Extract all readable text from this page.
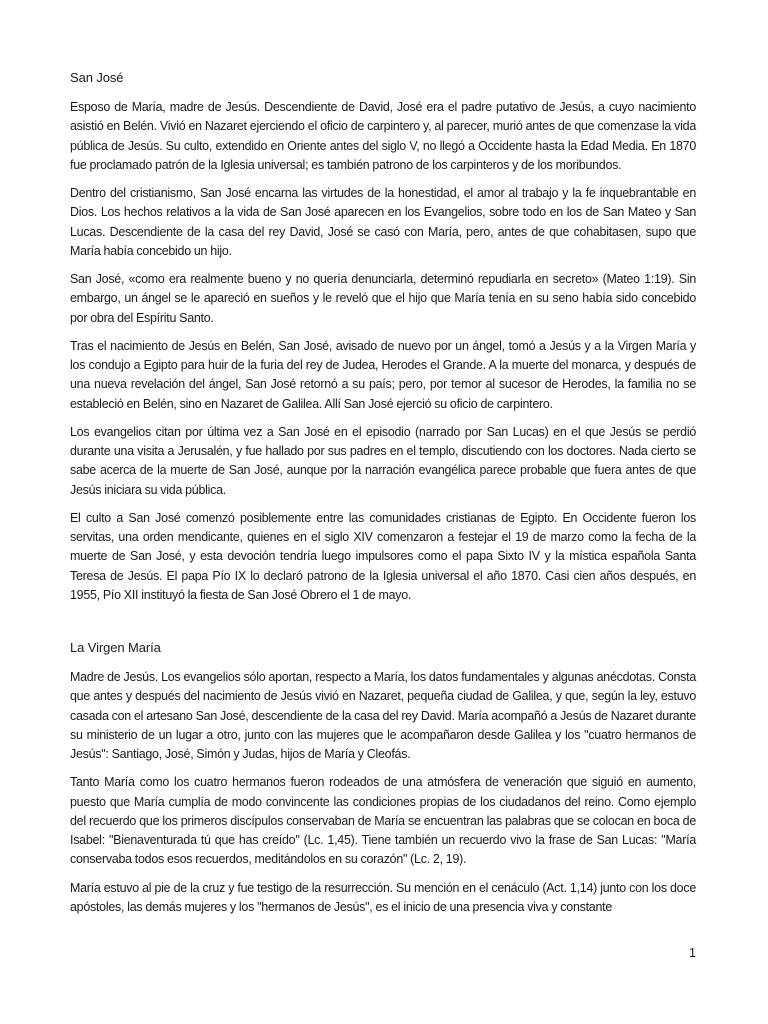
San José

Esposo de María, madre de Jesús. Descendiente de David, José era el padre putativo de Jesús, a cuyo nacimiento asistió en Belén. Vivió en Nazaret ejerciendo el oficio de carpintero y, al parecer, murió antes de que comenzase la vida pública de Jesús. Su culto, extendido en Oriente antes del siglo V, no llegó a Occidente hasta la Edad Media. En 1870 fue proclamado patrón de la Iglesia universal; es también patrono de los carpinteros y de los moribundos.

Dentro del cristianismo, San José encarna las virtudes de la honestidad, el amor al trabajo y la fe inquebrantable en Dios. Los hechos relativos a la vida de San José aparecen en los Evangelios, sobre todo en los de San Mateo y San Lucas. Descendiente de la casa del rey David, José se casó con María, pero, antes de que cohabitasen, supo que María había concebido un hijo.

San José, «como era realmente bueno y no quería denunciarla, determinó repudiarla en secreto» (Mateo 1:19). Sin embargo, un ángel se le apareció en sueños y le reveló que el hijo que María tenía en su seno había sido concebido por obra del Espíritu Santo.

Tras el nacimiento de Jesús en Belén, San José, avisado de nuevo por un ángel, tomó a Jesús y a la Virgen María y los condujo a Egipto para huir de la furia del rey de Judea, Herodes el Grande. A la muerte del monarca, y después de una nueva revelación del ángel, San José retornó a su país; pero, por temor al sucesor de Herodes, la familia no se estableció en Belén, sino en Nazaret de Galilea. Allí San José ejerció su oficio de carpintero.

Los evangelios citan por última vez a San José en el episodio (narrado por San Lucas) en el que Jesús se perdió durante una visita a Jerusalén, y fue hallado por sus padres en el templo, discutiendo con los doctores. Nada cierto se sabe acerca de la muerte de San José, aunque por la narración evangélica parece probable que fuera antes de que Jesús iniciara su vida pública.

El culto a San José comenzó posiblemente entre las comunidades cristianas de Egipto. En Occidente fueron los servitas, una orden mendicante, quienes en el siglo XIV comenzaron a festejar el 19 de marzo como la fecha de la muerte de San José, y esta devoción tendría luego impulsores como el papa Sixto IV y la mística española Santa Teresa de Jesús. El papa Pío IX lo declaró patrono de la Iglesia universal el año 1870. Casi cien años después, en 1955, Pío XII instituyó la fiesta de San José Obrero el 1 de mayo.

La Virgen María

Madre de Jesús. Los evangelios sólo aportan, respecto a María, los datos fundamentales y algunas anécdotas. Consta que antes y después del nacimiento de Jesús vivió en Nazaret, pequeña ciudad de Galilea, y que, según la ley, estuvo casada con el artesano San José, descendiente de la casa del rey David. María acompañó a Jesús de Nazaret durante su ministerio de un lugar a otro, junto con las mujeres que le acompañaron desde Galilea y los "cuatro hermanos de Jesús": Santiago, José, Simón y Judas, hijos de María y Cleofás.

Tanto María como los cuatro hermanos fueron rodeados de una atmósfera de veneración que siguió en aumento, puesto que María cumplía de modo convincente las condiciones propias de los ciudadanos del reino. Como ejemplo del recuerdo que los primeros discípulos conservaban de María se encuentran las palabras que se colocan en boca de Isabel: "Bienaventurada tú que has creído" (Lc. 1,45). Tiene también un recuerdo vivo la frase de San Lucas: "María conservaba todos esos recuerdos, meditándolos en su corazón" (Lc. 2, 19).

María estuvo al pie de la cruz y fue testigo de la resurrección. Su mención en el cenáculo (Act. 1,14) junto con los doce apóstoles, las demás mujeres y los "hermanos de Jesús", es el inicio de una presencia viva y constante

1
